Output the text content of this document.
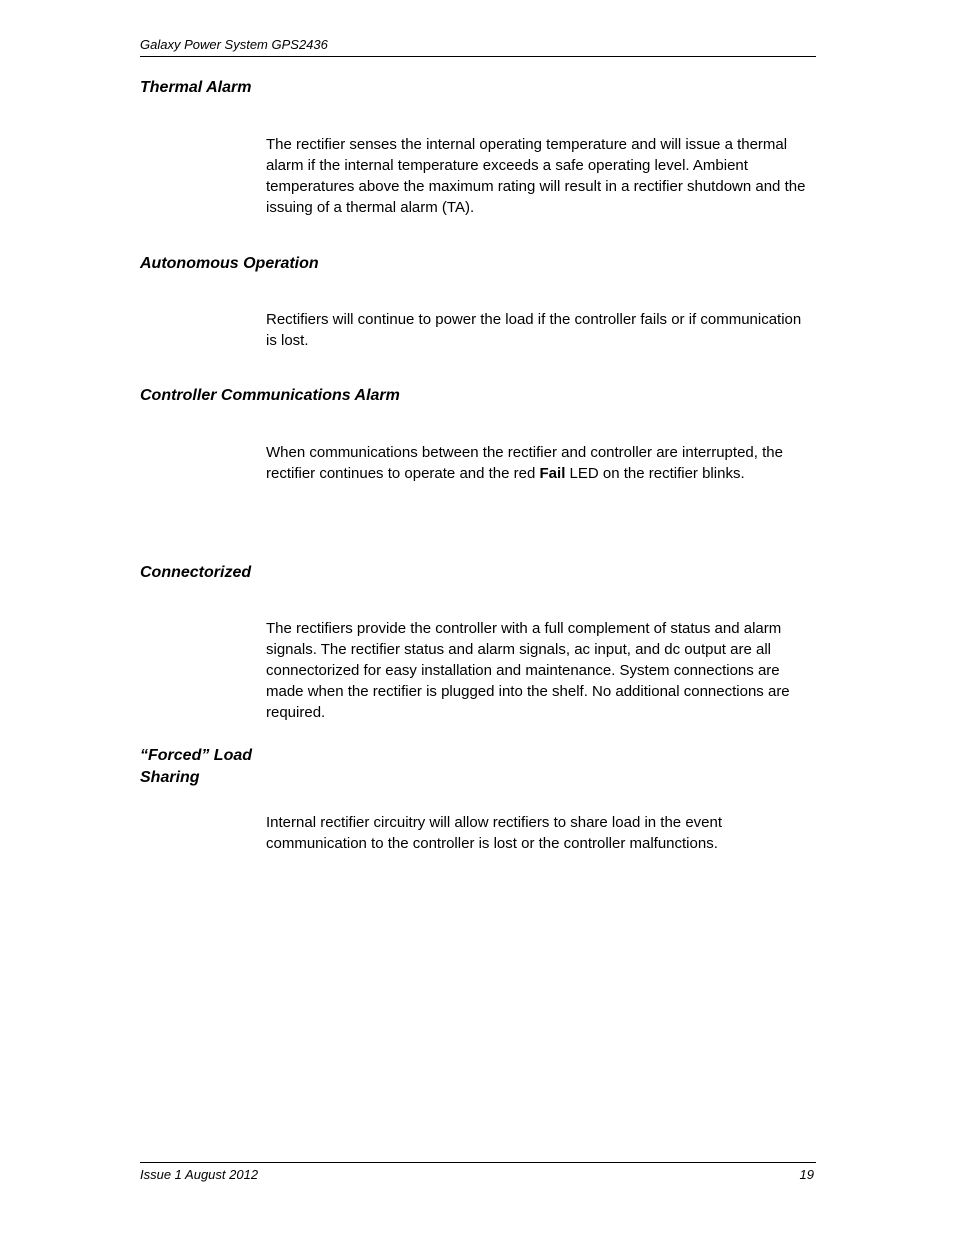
Galaxy Power System GPS2436
Thermal Alarm
The rectifier senses the internal operating temperature and will issue a thermal alarm if the internal temperature exceeds a safe operating level. Ambient temperatures above the maximum rating will result in a rectifier shutdown and the issuing of a thermal alarm (TA).
Autonomous Operation
Rectifiers will continue to power the load if the controller fails or if communication is lost.
Controller Communications Alarm
When communications between the rectifier and controller are interrupted, the rectifier continues to operate and the red Fail LED on the rectifier blinks.
Connectorized
The rectifiers provide the controller with a full complement of status and alarm signals. The rectifier status and alarm signals, ac input, and dc output are all connectorized for easy installation and maintenance. System connections are made when the rectifier is plugged into the shelf. No additional connections are required.
“Forced” Load Sharing
Internal rectifier circuitry will allow rectifiers to share load in the event communication to the controller is lost or the controller malfunctions.
Issue 1 August 2012	19
